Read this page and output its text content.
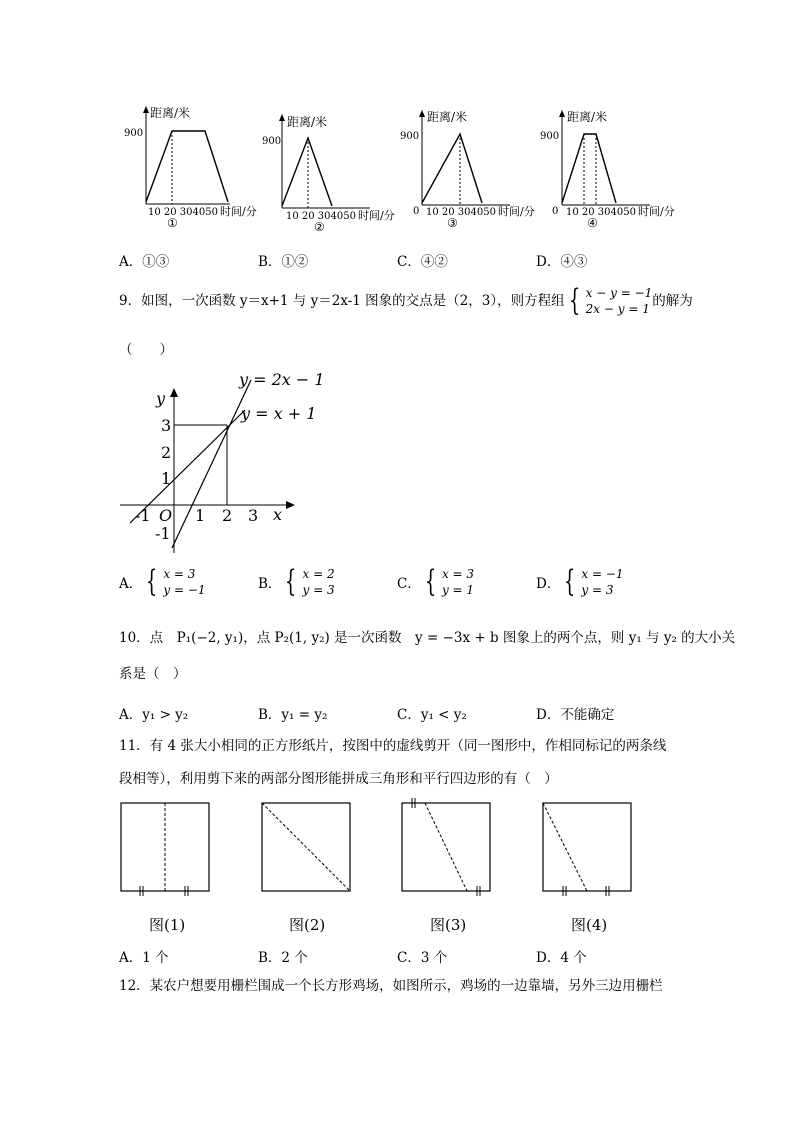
距离/米
900
10 20 304050 时间/分
①
距离/米
900
10 20 304050 时间/分
②
距离/米
900
0 10 20 304050 时间/分
③
距离/米
900
0 10 20 304050 时间/分
④
A．①③	B．①②	C．④②	D．④③
9．如图，一次函数 y＝x+1 与 y＝2x-1 图象的交点是（2，3），则方程组 { x − y = −1
2x − y = 1
的解为
（　　）
y = 2x − 1
y = x + 1
y
x
O
3
2
1
-1
-1	1 2 3
A． { x = 3
y = −1	B． { x = 2
y = 3	C． { x = 3
y = 1	D． { x = −1
y = 3
10．点　P₁(−2, y₁)，点 P₂(1, y₂) 是一次函数　y = −3x + b 图象上的两个点，则 y₁ 与 y₂ 的大小关
系是（　）
A．y₁ > y₂	B．y₁ = y₂	C．y₁ < y₂	D．不能确定
11．有 4 张大小相同的正方形纸片，按图中的虚线剪开（同一图形中，作相同标记的两条线
段相等），利用剪下来的两部分图形能拼成三角形和平行四边形的有（　）
图(1)	图(2)	图(3)	图(4)
A．1 个	B．2 个	C．3 个	D．4 个
12．某农户想要用栅栏围成一个长方形鸡场，如图所示，鸡场的一边靠墙，另外三边用栅栏
